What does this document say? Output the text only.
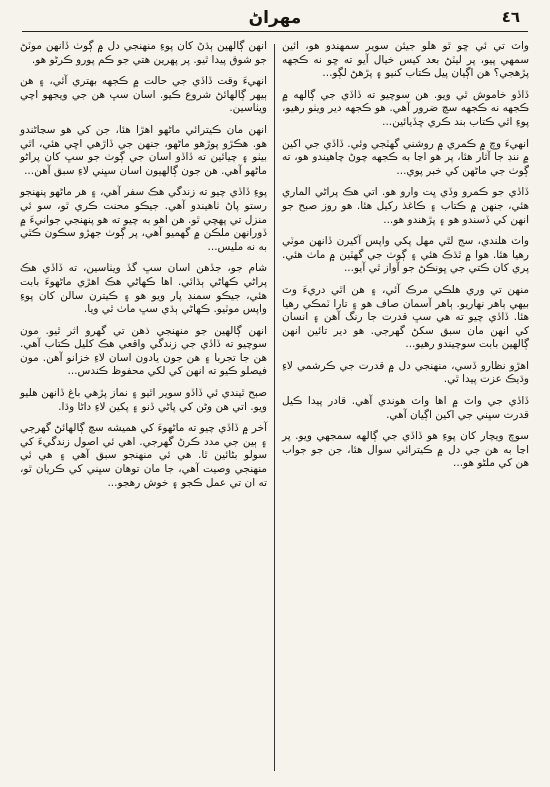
مهراڻ	٤٦

واٽ تي ئي ڇو ٿو هلو جيئن سوير سمهندو هو، ائين سمهي پيو، پر ليٽڻ بعد کيس خيال آيو ته ڇو نه ڪجھه پڙهجي؟ هن اڳيان پيل ڪتاب کنيو ۽ پڙهڻ لڳو...

ڏاڏو خاموش ٿي ويو. هن سوچيو ته ڏاڏي جي ڳالهه ۾ ڪجھه نه ڪجھه سچ ضرور آهي. هو ڪجھه دير ويٺو رهيو، پوءِ اٿي ڪتاب بند ڪري ڇڏيائين...

انهيءَ وچ ۾ ڪمري ۾ روشني گهٽجي وئي. ڏاڏي جي اکين ۾ ننڊ جا آثار هئا، پر هو اڃا به ڪجھه چوڻ چاهيندو هو، ته ڳوٺ جي ماڻهن کي خبر پوي...

ڏاڏي جو ڪمرو وڏي ڀت وارو هو. اتي هڪ پراڻي الماري هئي، جنهن ۾ ڪتاب ۽ ڪاغذ رکيل هئا. هو روز صبح جو انهن کي ڏسندو هو ۽ پڙهندو هو...

واٽ هلندي، سج لٿي مهل پکي واپس آکيرن ڏانهن موٽي رهيا هئا. هوا ۾ ٿڌڪ هئي ۽ ڳوٺ جي گهٽين ۾ ماٺ هئي. پري کان ڪتي جي ڀونڪڻ جو آواز ٿي آيو...

منهن تي وري هلڪي مرڪ آئي، ۽ هن اٿي دريءَ وٽ بيهي ٻاهر نهاريو. ٻاهر آسمان صاف هو ۽ تارا ٽمڪي رهيا هئا. ڏاڏي چيو ته هي سڀ قدرت جا رنگ آهن ۽ انسان کي انهن مان سبق سکڻ گهرجي. هو دير تائين انهن ڳالهين بابت سوچيندو رهيو...

اهڙو نظارو ڏسي، منهنجي دل ۾ قدرت جي ڪرشمي لاءِ وڌيڪ عزت پيدا ٿي.

ڏاڏي جي واٽ ۾ اها واٽ هوندي آهي. قادر پيدا ڪيل قدرت سڀني جي اکين اڳيان آهي.

سوچ ويچار کان پوءِ هو ڏاڏي جي ڳالهه سمجهي ويو. پر اڃا به هن جي دل ۾ ڪيترائي سوال هئا، جن جو جواب هن کي ملڻو هو...

انهن ڳالهين ٻڌڻ کان پوءِ منهنجي دل ۾ ڳوٺ ڏانهن موٽڻ جو شوق پيدا ٿيو. پر پهرين هتي جو ڪم پورو ڪرڻو هو.

انهيءَ وقت ڏاڏي جي حالت ۾ ڪجھه بهتري آئي، ۽ هن ٻيهر ڳالهائڻ شروع ڪيو. اسان سڀ هن جي ويجهو اچي ويٺاسين.

انهن مان ڪيترائي ماڻهو اهڙا هئا، جن کي هو سڃاڻندو هو. هڪڙو پوڙهو ماڻهو، جنهن جي ڏاڙهي اڇي هئي، اٿي بيٺو ۽ چيائين ته ڏاڏو اسان جي ڳوٺ جو سڀ کان پراڻو ماڻهو آهي. هن جون ڳالهيون اسان سڀني لاءِ سبق آهن...

پوءِ ڏاڏي چيو ته زندگي هڪ سفر آهي، ۽ هر ماڻهو پنهنجو رستو پاڻ ٺاهيندو آهي. جيڪو محنت ڪري ٿو، سو ئي منزل تي پهچي ٿو. هن اهو به چيو ته هو پنهنجي جوانيءَ ۾ ڏورانهن ملڪن ۾ گهميو آهي، پر ڳوٺ جهڙو سڪون ڪٿي به نه مليس...

شام جو، جڏهن اسان سڀ گڏ ويٺاسين، ته ڏاڏي هڪ پراڻي ڪهاڻي ٻڌائي. اها ڪهاڻي هڪ اهڙي ماڻهوءَ بابت هئي، جيڪو سمنڊ پار ويو هو ۽ ڪيترن سالن کان پوءِ واپس موٽيو. ڪهاڻي ٻڌي سڀ ماٺ ٿي ويا.

انهن ڳالهين جو منهنجي ذهن تي گهرو اثر ٿيو. مون سوچيو ته ڏاڏي جي زندگي واقعي هڪ کليل ڪتاب آهي. هن جا تجربا ۽ هن جون يادون اسان لاءِ خزانو آهن. مون فيصلو ڪيو ته انهن کي لکي محفوظ ڪندس...

صبح ٿيندي ئي ڏاڏو سوير اٿيو ۽ نماز پڙهي باغ ڏانهن هليو ويو. اتي هن وڻن کي پاڻي ڏنو ۽ پکين لاءِ داڻا وڌا.

آخر ۾ ڏاڏي چيو ته ماڻهوءَ کي هميشه سچ ڳالهائڻ گهرجي ۽ ٻين جي مدد ڪرڻ گهرجي. اهي ئي اصول زندگيءَ کي سولو بڻائين ٿا. هي ئي منهنجو سبق آهي ۽ هي ئي منهنجي وصيت آهي، جا مان توهان سڀني کي ڪريان ٿو، ته ان تي عمل ڪجو ۽ خوش رهجو...
